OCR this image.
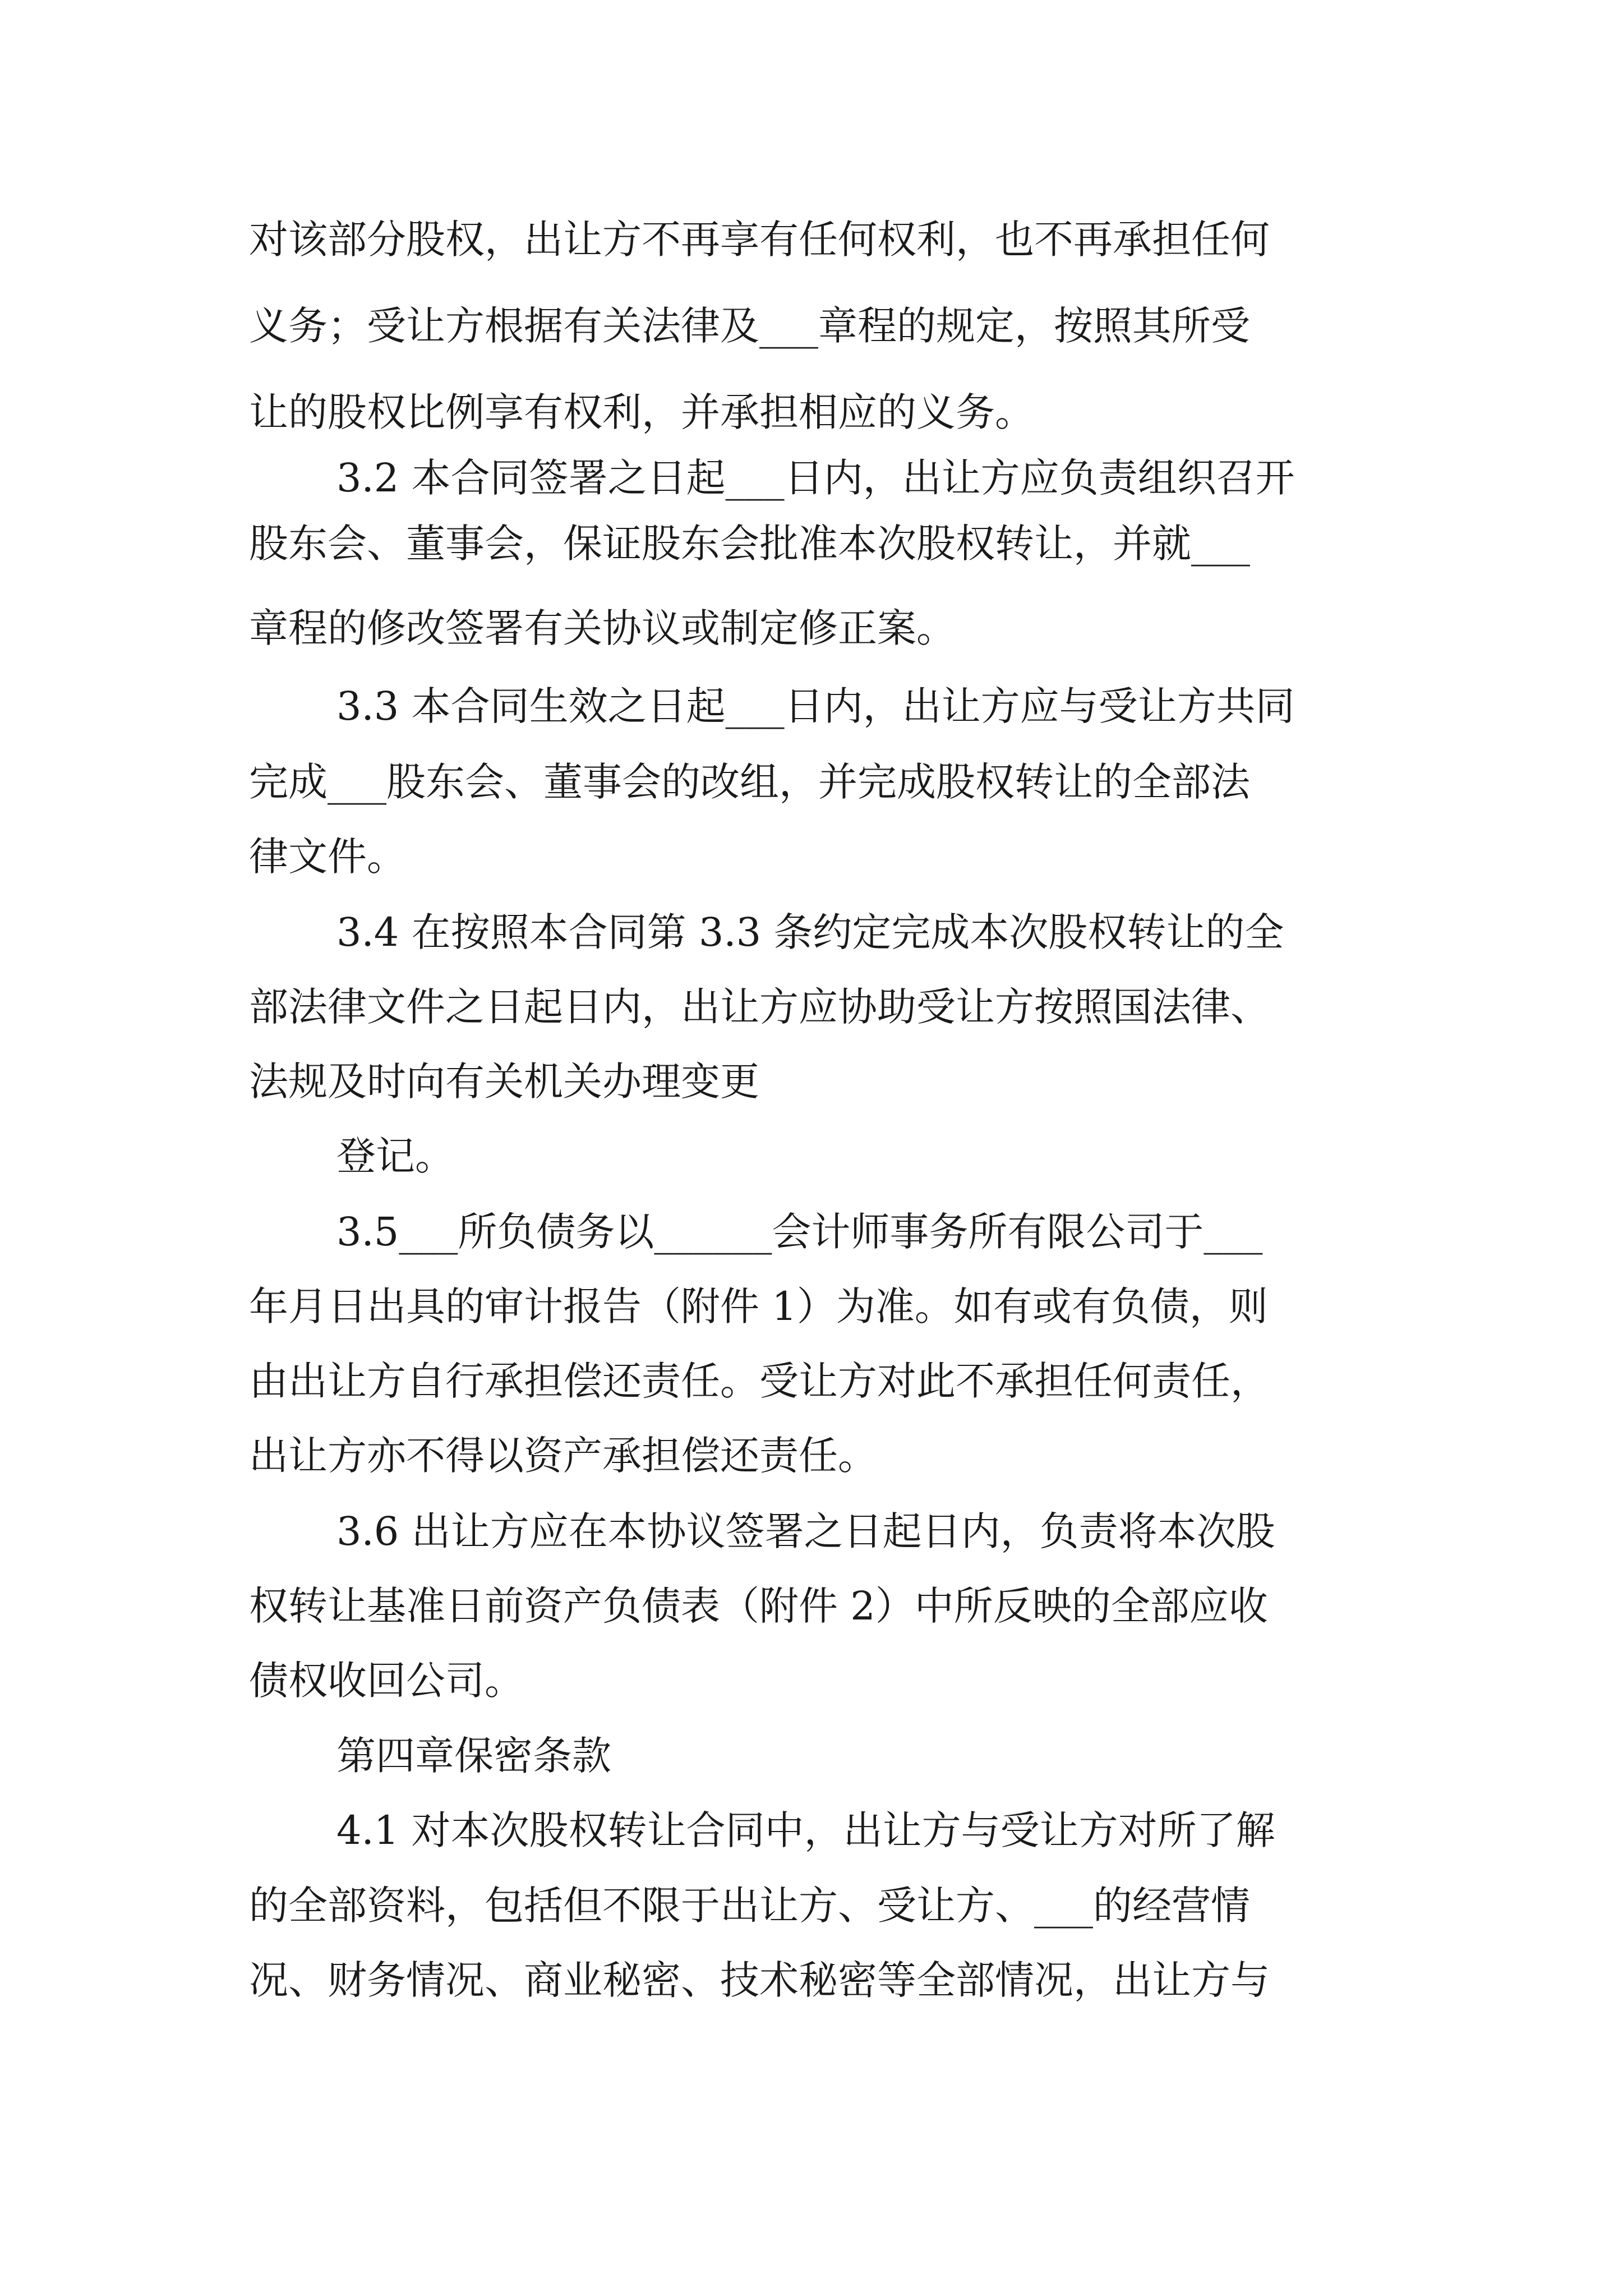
对该部分股权，出让方不再享有任何权利，也不再承担任何
义务；受让方根据有关法律及___章程的规定，按照其所受
让的股权比例享有权利，并承担相应的义务。
3.2 本合同签署之日起___日内，出让方应负责组织召开
股东会、董事会，保证股东会批准本次股权转让，并就___
章程的修改签署有关协议或制定修正案。
3.3 本合同生效之日起___日内，出让方应与受让方共同
完成___股东会、董事会的改组，并完成股权转让的全部法
律文件。
3.4 在按照本合同第 3.3 条约定完成本次股权转让的全
部法律文件之日起日内，出让方应协助受让方按照国法律、
法规及时向有关机关办理变更
登记。
3.5___所负债务以______会计师事务所有限公司于___
年月日出具的审计报告（附件 1）为准。如有或有负债，则
由出让方自行承担偿还责任。受让方对此不承担任何责任，
出让方亦不得以资产承担偿还责任。
3.6 出让方应在本协议签署之日起日内，负责将本次股
权转让基准日前资产负债表（附件 2）中所反映的全部应收
债权收回公司。
第四章保密条款
4.1 对本次股权转让合同中，出让方与受让方对所了解
的全部资料，包括但不限于出让方、受让方、___的经营情
况、财务情况、商业秘密、技术秘密等全部情况，出让方与
